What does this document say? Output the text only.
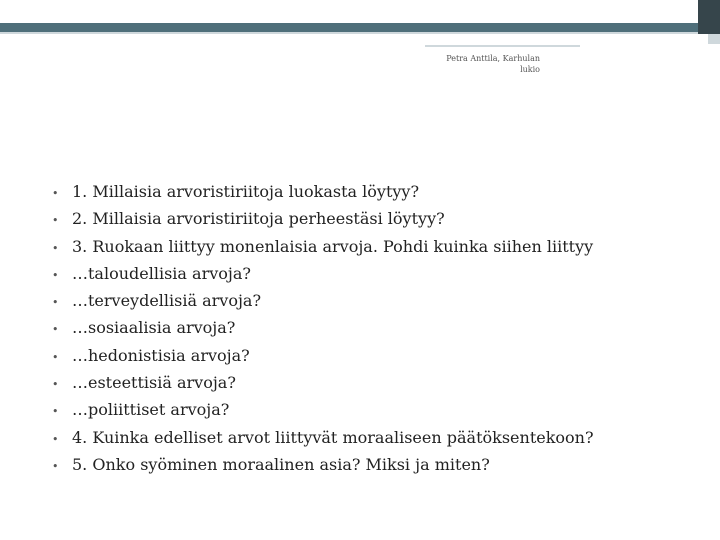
Petra Anttila, Karhulan
lukio
• 1. Millaisia arvoristiriitoja luokasta löytyy?
• 2. Millaisia arvoristiriitoja perheestäsi löytyy?
• 3. Ruokaan liittyy monenlaisia arvoja. Pohdi kuinka siihen liittyy
• …taloudellisia arvoja?
• …terveydellisiä arvoja?
• …sosiaalisia arvoja?
• …hedonistisia arvoja?
• …esteettisiä arvoja?
• …poliittiset arvoja?
• 4. Kuinka edelliset arvot liittyvät moraaliseen päätöksentekoon?
• 5. Onko syöminen moraalinen asia? Miksi ja miten?
